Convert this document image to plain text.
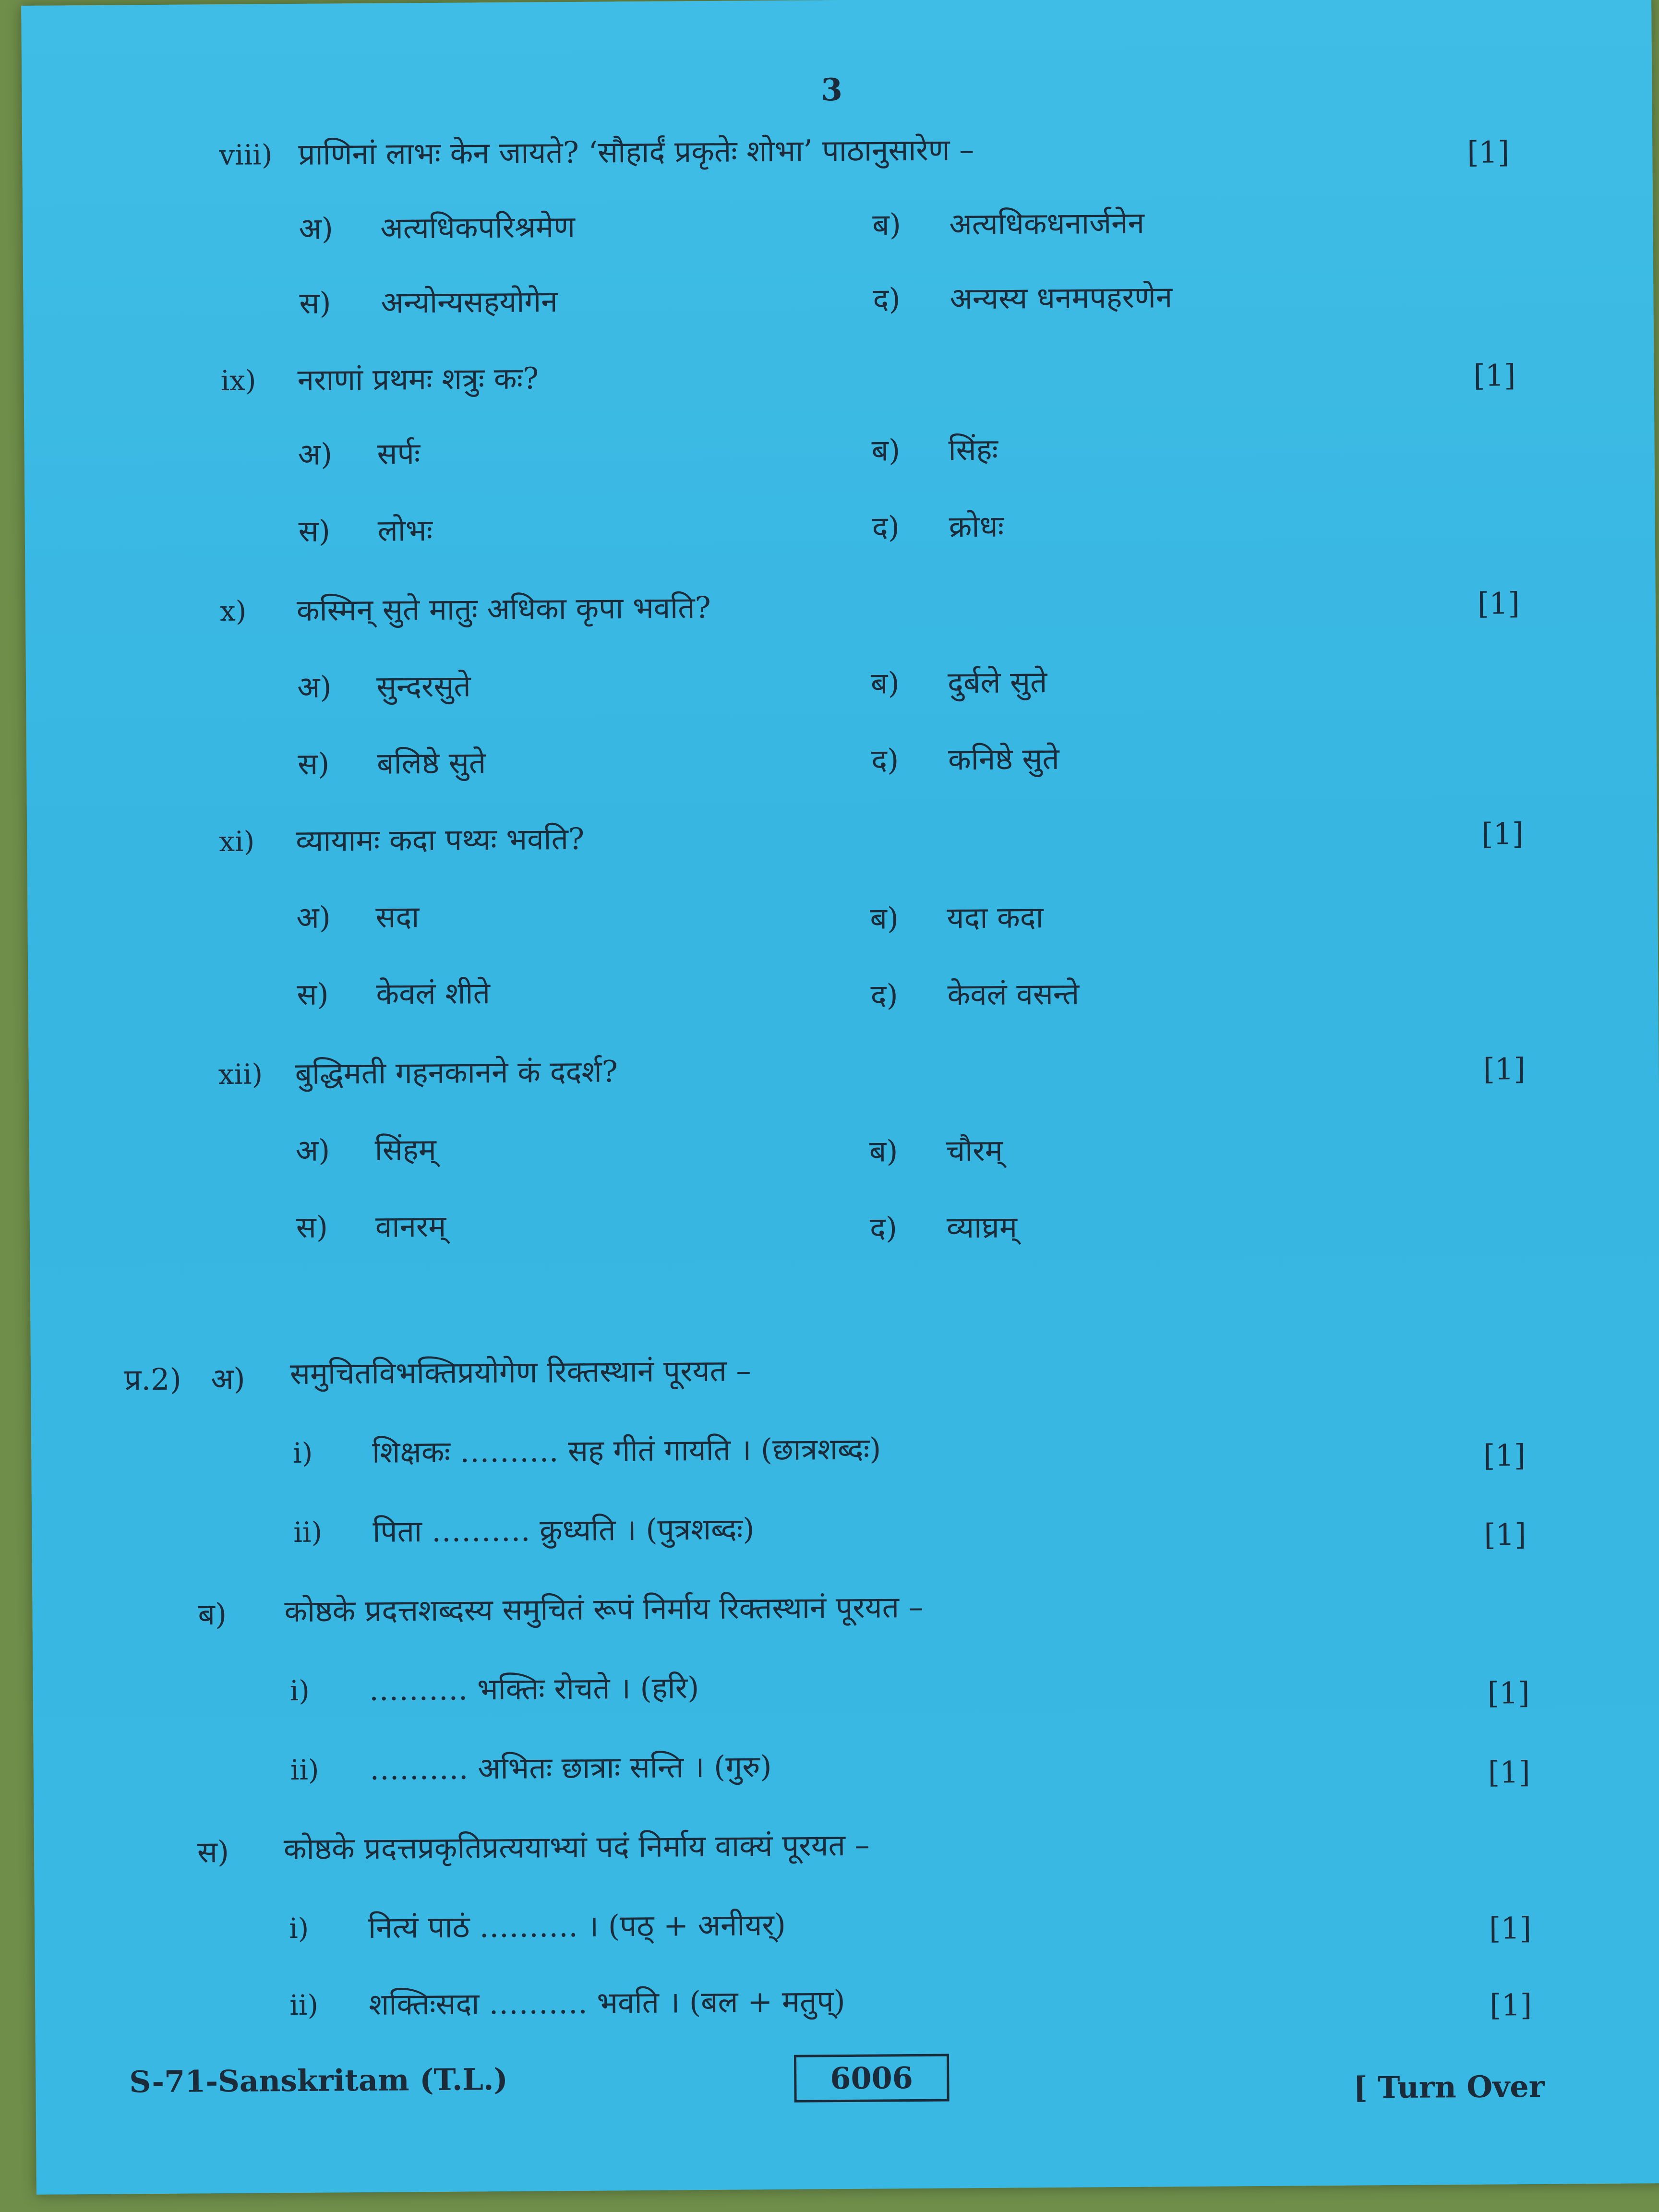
3
viii) प्राणिनां लाभः केन जायते? ‘सौहार्दं प्रकृतेः शोभा’ पाठानुसारेण –	[1]
अ) अत्यधिकपरिश्रमेण	ब) अत्यधिकधनार्जनेन
स) अन्योन्यसहयोगेन	द) अन्यस्य धनमपहरणेन
ix) नराणां प्रथमः शत्रुः कः?	[1]
अ) सर्पः	ब) सिंहः
स) लोभः	द) क्रोधः
x) कस्मिन् सुते मातुः अधिका कृपा भवति?	[1]
अ) सुन्दरसुते	ब) दुर्बले सुते
स) बलिष्ठे सुते	द) कनिष्ठे सुते
xi) व्यायामः कदा पथ्यः भवति?	[1]
अ) सदा	ब) यदा कदा
स) केवलं शीते	द) केवलं वसन्ते
xii) बुद्धिमती गहनकानने कं ददर्श?	[1]
अ) सिंहम्	ब) चौरम्
स) वानरम्	द) व्याघ्रम्
प्र.2) अ) समुचितविभक्तिप्रयोगेण रिक्तस्थानं पूरयत –
i) शिक्षकः ………. सह गीतं गायति । (छात्रशब्दः)	[1]
ii) पिता ………. क्रुध्यति । (पुत्रशब्दः)	[1]
ब) कोष्ठके प्रदत्तशब्दस्य समुचितं रूपं निर्माय रिक्तस्थानं पूरयत –
i) ………. भक्तिः रोचते । (हरि)	[1]
ii) ………. अभितः छात्राः सन्ति । (गुरु)	[1]
स) कोष्ठके प्रदत्तप्रकृतिप्रत्ययाभ्यां पदं निर्माय वाक्यं पूरयत –
i) नित्यं पाठं ………. । (पठ् + अनीयर्)	[1]
ii) शक्तिःसदा ………. भवति । (बल + मतुप्)	[1]
S-71-Sanskritam (T.L.)	6006	[ Turn Over
